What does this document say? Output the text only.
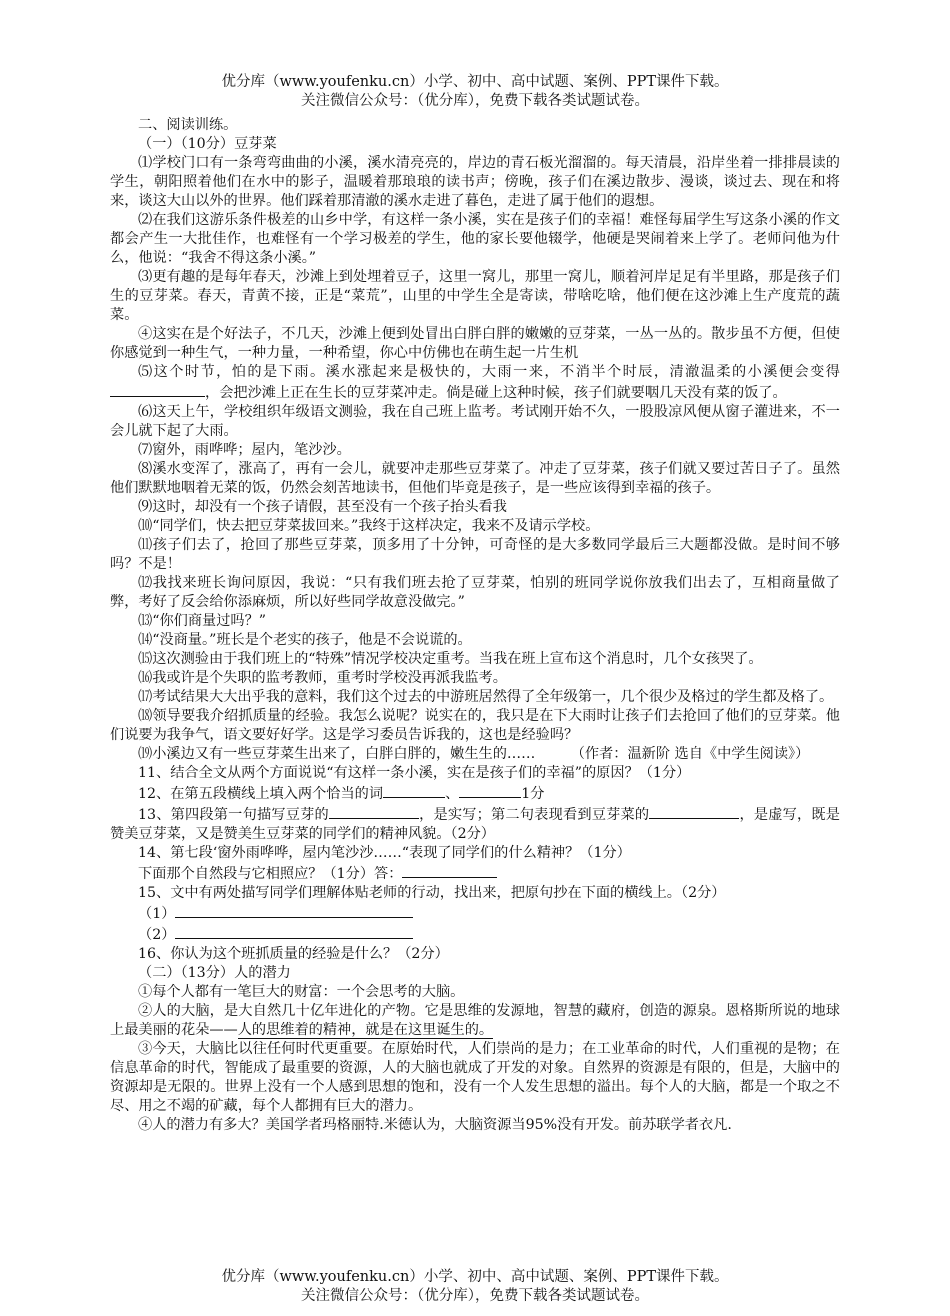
优分库（www.youfenku.cn）小学、初中、高中试题、案例、PPT课件下载。
关注微信公众号：（优分库），免费下载各类试题试卷。

二、阅读训练。

（一）（10分）豆芽菜

⑴学校门口有一条弯弯曲曲的小溪，溪水清亮亮的，岸边的青石板光溜溜的。每天清晨，沿岸坐着一排排晨读的学生，朝阳照着他们在水中的影子，温暖着那琅琅的读书声；傍晚，孩子们在溪边散步、漫谈，谈过去、现在和将来，谈这大山以外的世界。他们踩着那清澈的溪水走进了暮色，走进了属于他们的遐想。

⑵在我们这游乐条件极差的山乡中学，有这样一条小溪，实在是孩子们的幸福！难怪每届学生写这条小溪的作文都会产生一大批佳作，也难怪有一个学习极差的学生，他的家长要他辍学，他硬是哭闹着来上学了。老师问他为什么，他说：“我舍不得这条小溪。”

⑶更有趣的是每年春天，沙滩上到处埋着豆子，这里一窝儿，那里一窝儿，顺着河岸足足有半里路，那是孩子们生的豆芽菜。春天，青黄不接，正是“菜荒”，山里的中学生全是寄读，带啥吃啥，他们便在这沙滩上生产度荒的蔬菜。

④这实在是个好法子，不几天，沙滩上便到处冒出白胖白胖的嫩嫩的豆芽菜，一丛一丛的。散步虽不方便，但使你感觉到一种生气，一种力量，一种希望，你心中仿佛也在萌生起一片生机

⑸这个时节，怕的是下雨。溪水涨起来是极快的，大雨一来，不消半个时辰，清澈温柔的小溪便会变得，会把沙滩上正在生长的豆芽菜冲走。倘是碰上这种时候，孩子们就要咽几天没有菜的饭了。

⑹这天上午，学校组织年级语文测验，我在自己班上监考。考试刚开始不久，一股股凉风便从窗子灌进来，不一会儿就下起了大雨。

⑺窗外，雨哗哗；屋内，笔沙沙。

⑻溪水变浑了，涨高了，再有一会儿，就要冲走那些豆芽菜了。冲走了豆芽菜，孩子们就又要过苦日子了。虽然他们默默地咽着无菜的饭，仍然会刻苦地读书，但他们毕竟是孩子，是一些应该得到幸福的孩子。

⑼这时，却没有一个孩子请假，甚至没有一个孩子抬头看我

⑽“同学们，快去把豆芽菜拔回来。”我终于这样决定，我来不及请示学校。

⑾孩子们去了，抢回了那些豆芽菜，顶多用了十分钟，可奇怪的是大多数同学最后三大题都没做。是时间不够吗？不是！

⑿我找来班长询问原因，我说：“只有我们班去抢了豆芽菜，怕别的班同学说你放我们出去了，互相商量做了弊，考好了反会给你添麻烦，所以好些同学故意没做完。”

⒀“你们商量过吗？”

⒁“没商量。”班长是个老实的孩子，他是不会说谎的。

⒂这次测验由于我们班上的“特殊”情况学校决定重考。当我在班上宣布这个消息时，几个女孩哭了。

⒃我或许是个失职的监考教师，重考时学校没再派我监考。

⒄考试结果大大出乎我的意料，我们这个过去的中游班居然得了全年级第一，几个很少及格过的学生都及格了。

⒅领导要我介绍抓质量的经验。我怎么说呢？说实在的，我只是在下大雨时让孩子们去抢回了他们的豆芽菜。他们说要为我争气，语文要好好学。这是学习委员告诉我的，这也是经验吗？

⒆小溪边又有一些豆芽菜生出来了，白胖白胖的，嫩生生的……　　　（作者：温新阶 选自《中学生阅读》）

11、结合全文从两个方面说说“有这样一条小溪，实在是孩子们的幸福”的原因？（1分）

12、在第五段横线上填入两个恰当的词	、	1分

13、第四段第一句描写豆芽的	，是实写；第二句表现看到豆芽菜的	，是虚写，既是赞美豆芽菜，又是赞美生豆芽菜的同学们的精神风貌。（2分）

14、第七段‘窗外雨哗哗，屋内笔沙沙……“表现了同学们的什么精神？（1分）

下面那个自然段与它相照应？（1分）答：

15、文中有两处描写同学们理解体贴老师的行动，找出来，把原句抄在下面的横线上。（2分）

（1）

（2）

16、你认为这个班抓质量的经验是什么？（2分）

（二）（13分）人的潜力

①每个人都有一笔巨大的财富：一个会思考的大脑。

②人的大脑，是大自然几十亿年进化的产物。它是思维的发源地，智慧的藏府，创造的源泉。恩格斯所说的地球上最美丽的花朵——人的思维着的精神，就是在这里诞生的。

③今天，大脑比以往任何时代更重要。在原始时代，人们崇尚的是力；在工业革命的时代，人们重视的是物；在信息革命的时代，智能成了最重要的资源，人的大脑也就成了开发的对象。自然界的资源是有限的，但是，大脑中的资源却是无限的。世界上没有一个人感到思想的饱和，没有一个人发生思想的溢出。每个人的大脑，都是一个取之不尽、用之不竭的矿藏，每个人都拥有巨大的潜力。

④人的潜力有多大？美国学者玛格丽特.米德认为，大脑资源当95%没有开发。前苏联学者衣凡.

优分库（www.youfenku.cn）小学、初中、高中试题、案例、PPT课件下载。
关注微信公众号：（优分库），免费下载各类试题试卷。
